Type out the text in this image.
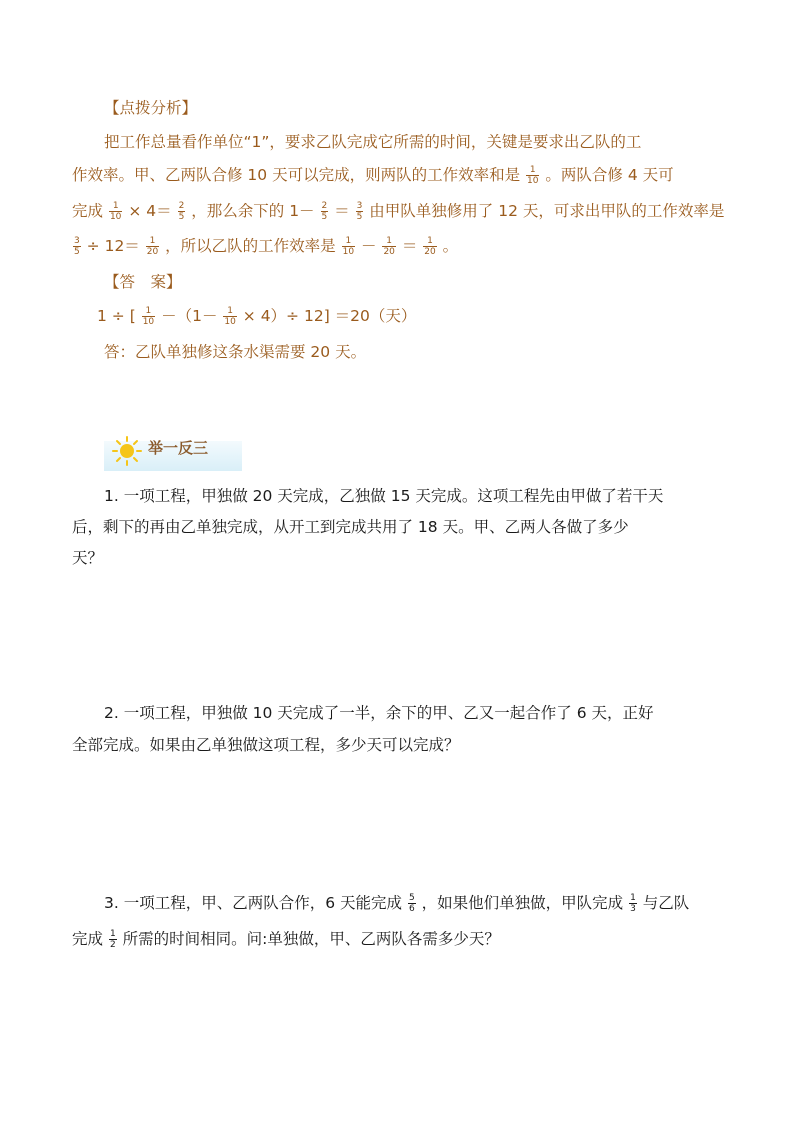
【点拨分析】
把工作总量看作单位“1”，要求乙队完成它所需的时间，关键是要求出乙队的工
作效率。甲、乙两队合修 10 天可以完成，则两队的工作效率和是 $\frac{1}{10}$ 。两队合修 4 天可
完成 $\frac{1}{10} \times 4= \frac{2}{5}$ ，那么余下的 $1- \frac{2}{5} = \frac{3}{5}$ 由甲队单独修用了 12 天，可求出甲队的工作效率是
$\frac{3}{5} \div 12= \frac{1}{20}$ ，所以乙队的工作效率是 $\frac{1}{10} - \frac{1}{20} = \frac{1}{20}$ 。
【答　案】
1 ÷ [ $\frac{1}{10} -(1- \frac{1}{10} \times 4)\div 12] =20$（天）
答：乙队单独修这条水渠需要 20 天。
举一反三
1. 一项工程，甲独做 20 天完成，乙独做 15 天完成。这项工程先由甲做了若干天
后，剩下的再由乙单独完成，从开工到完成共用了 18 天。甲、乙两人各做了多少
天？
2. 一项工程，甲独做 10 天完成了一半，余下的甲、乙又一起合作了 6 天，正好
全部完成。如果由乙单独做这项工程，多少天可以完成？
3. 一项工程，甲、乙两队合作，6 天能完成 $\frac{5}{6}$ ，如果他们单独做，甲队完成 $\frac{1}{3}$ 与乙队
完成 $\frac{1}{2}$ 所需的时间相同。问:单独做，甲、乙两队各需多少天？
